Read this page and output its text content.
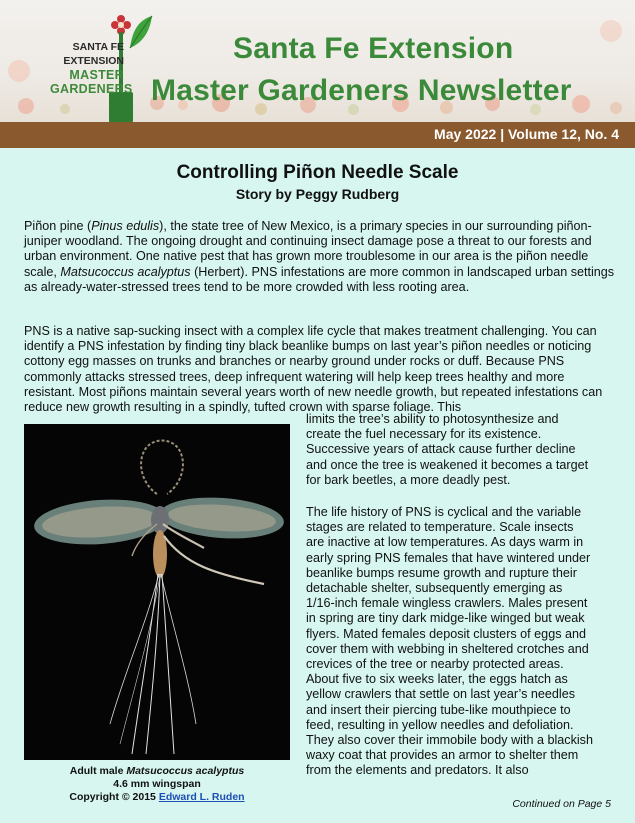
SANTA FE
EXTENSION
MASTER
GARDENERS
Santa Fe Extension
Master Gardeners Newsletter
May 2022 | Volume 12, No. 4
Controlling Piñon Needle Scale
Story by Peggy Rudberg

Piñon pine (Pinus edulis), the state tree of New Mexico, is a primary species in our surrounding piñon-juniper woodland. The ongoing drought and continuing insect damage pose a threat to our forests and urban environment. One native pest that has grown more troublesome in our area is the piñon needle scale, Matsucoccus acalyptus (Herbert). PNS infestations are more common in landscaped urban settings as already-water-stressed trees tend to be more crowded with less rooting area.

PNS is a native sap-sucking insect with a complex life cycle that makes treatment challenging. You can identify a PNS infestation by finding tiny black beanlike bumps on last year’s piñon needles or noticing cottony egg masses on trunks and branches or nearby ground under rocks or duff. Because PNS commonly attacks stressed trees, deep infrequent watering will help keep trees healthy and more resistant. Most piñons maintain several years worth of new needle growth, but repeated infestations can reduce new growth resulting in a spindly, tufted crown with sparse foliage. This

Adult male Matsucoccus acalyptus
4.6 mm wingspan
Copyright © 2015 Edward L. Ruden

limits the tree’s ability to photosynthesize and create the fuel necessary for its existence. Successive years of attack cause further decline and once the tree is weakened it becomes a target for bark beetles, a more deadly pest.

The life history of PNS is cyclical and the variable stages are related to temperature. Scale insects are inactive at low temperatures. As days warm in early spring PNS females that have wintered under beanlike bumps resume growth and rupture their detachable shelter, subsequently emerging as 1/16-inch female wingless crawlers. Males present in spring are tiny dark midge-like winged but weak flyers. Mated females deposit clusters of eggs and cover them with webbing in sheltered crotches and crevices of the tree or nearby protected areas. About five to six weeks later, the eggs hatch as yellow crawlers that settle on last year’s needles and insert their piercing tube-like mouthpiece to feed, resulting in yellow needles and defoliation. They also cover their immobile body with a blackish waxy coat that provides an armor to shelter them from the elements and predators. It also

Continued on Page 5
